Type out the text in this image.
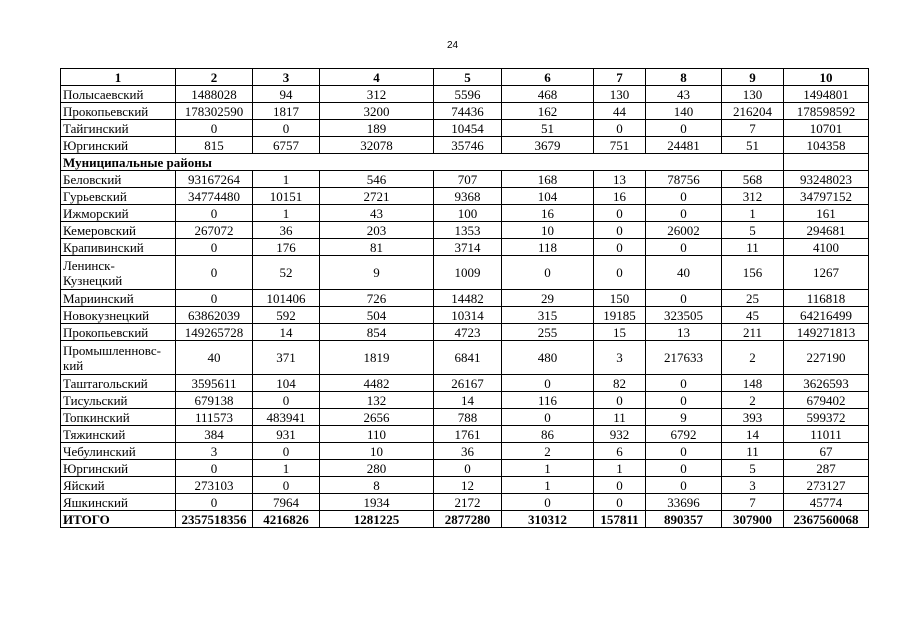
24
1	2	3	4	5	6	7	8	9	10
Полысаевский	1488028	94	312	5596	468	130	43	130	1494801
Прокопьевский	178302590	1817	3200	74436	162	44	140	216204	178598592
Тайгинский	0	0	189	10454	51	0	0	7	10701
Юргинский	815	6757	32078	35746	3679	751	24481	51	104358
Муниципальные районы									
Беловский	93167264	1	546	707	168	13	78756	568	93248023
Гурьевский	34774480	10151	2721	9368	104	16	0	312	34797152
Ижморский	0	1	43	100	16	0	0	1	161
Кемеровский	267072	36	203	1353	10	0	26002	5	294681
Крапивинский	0	176	81	3714	118	0	0	11	4100
Ленинск-Кузнецкий	0	52	9	1009	0	0	40	156	1267
Мариинский	0	101406	726	14482	29	150	0	25	116818
Новокузнецкий	63862039	592	504	10314	315	19185	323505	45	64216499
Прокопьевский	149265728	14	854	4723	255	15	13	211	149271813
Промышленновс-кий	40	371	1819	6841	480	3	217633	2	227190
Таштагольский	3595611	104	4482	26167	0	82	0	148	3626593
Тисульский	679138	0	132	14	116	0	0	2	679402
Топкинский	111573	483941	2656	788	0	11	9	393	599372
Тяжинский	384	931	110	1761	86	932	6792	14	11011
Чебулинский	3	0	10	36	2	6	0	11	67
Юргинский	0	1	280	0	1	1	0	5	287
Яйский	273103	0	8	12	1	0	0	3	273127
Яшкинский	0	7964	1934	2172	0	0	33696	7	45774
ИТОГО	2357518356	4216826	1281225	2877280	310312	157811	890357	307900	2367560068
